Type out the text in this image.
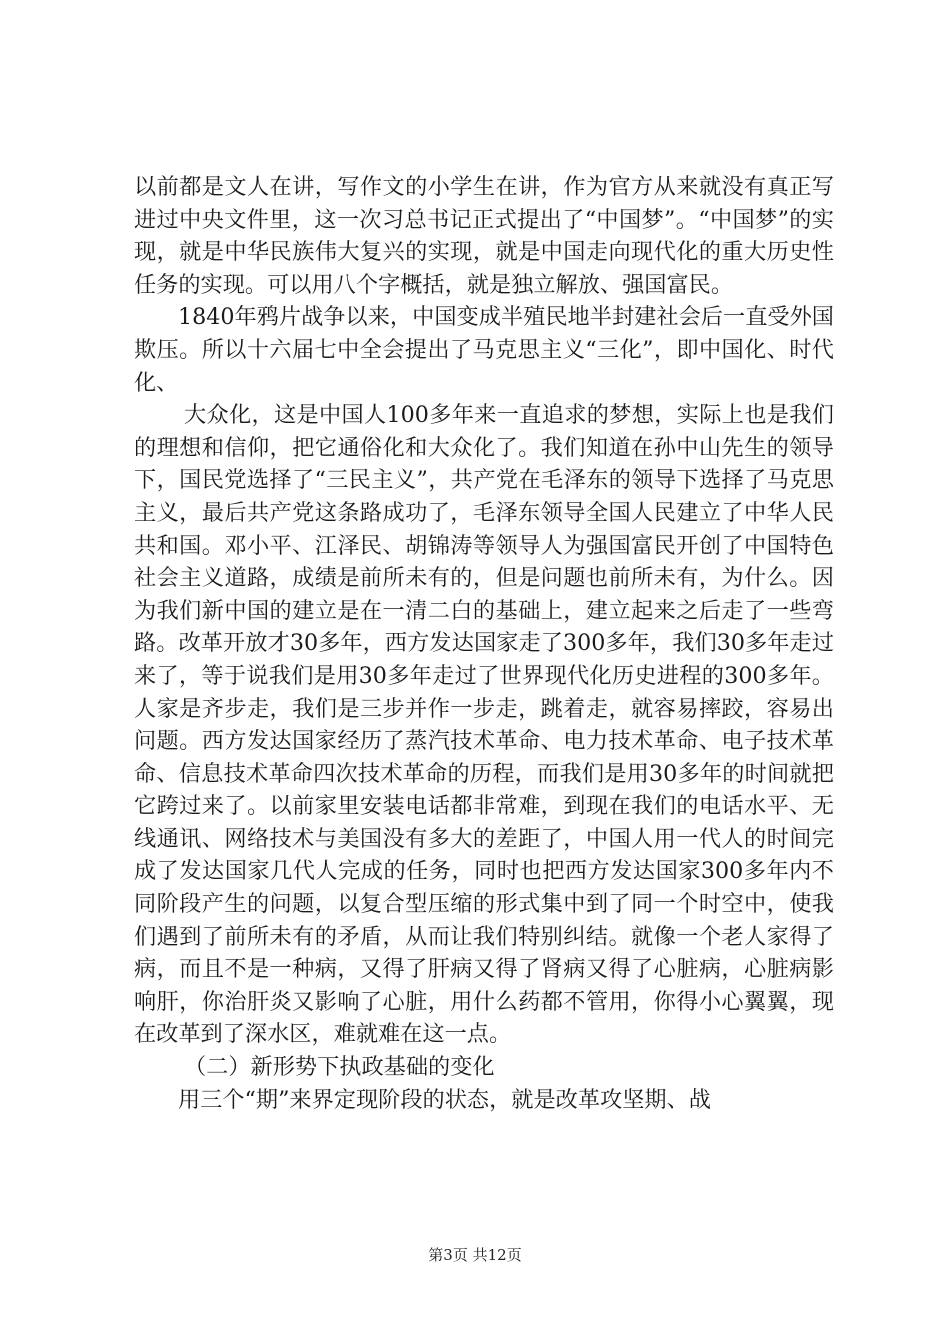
以前都是文人在讲，写作文的小学生在讲，作为官方从来就没有真正写进过中央文件里，这一次习总书记正式提出了“中国梦”。“中国梦”的实现，就是中华民族伟大复兴的实现，就是中国走向现代化的重大历史性任务的实现。可以用八个字概括，就是独立解放、强国富民。

1840年鸦片战争以来，中国变成半殖民地半封建社会后一直受外国欺压。所以十六届七中全会提出了马克思主义“三化”，即中国化、时代化、

大众化，这是中国人100多年来一直追求的梦想，实际上也是我们的理想和信仰，把它通俗化和大众化了。我们知道在孙中山先生的领导下，国民党选择了“三民主义”，共产党在毛泽东的领导下选择了马克思主义，最后共产党这条路成功了，毛泽东领导全国人民建立了中华人民共和国。邓小平、江泽民、胡锦涛等领导人为强国富民开创了中国特色社会主义道路，成绩是前所未有的，但是问题也前所未有，为什么。因为我们新中国的建立是在一清二白的基础上，建立起来之后走了一些弯路。改革开放才30多年，西方发达国家走了300多年，我们30多年走过来了，等于说我们是用30多年走过了世界现代化历史进程的300多年。人家是齐步走，我们是三步并作一步走，跳着走，就容易摔跤，容易出问题。西方发达国家经历了蒸汽技术革命、电力技术革命、电子技术革命、信息技术革命四次技术革命的历程，而我们是用30多年的时间就把它跨过来了。以前家里安装电话都非常难，到现在我们的电话水平、无线通讯、网络技术与美国没有多大的差距了，中国人用一代人的时间完成了发达国家几代人完成的任务，同时也把西方发达国家300多年内不同阶段产生的问题，以复合型压缩的形式集中到了同一个时空中，使我们遇到了前所未有的矛盾，从而让我们特别纠结。就像一个老人家得了病，而且不是一种病，又得了肝病又得了肾病又得了心脏病，心脏病影响肝，你治肝炎又影响了心脏，用什么药都不管用，你得小心翼翼，现在改革到了深水区，难就难在这一点。

（二）新形势下执政基础的变化

用三个“期”来界定现阶段的状态，就是改革攻坚期、战

第3页 共12页
